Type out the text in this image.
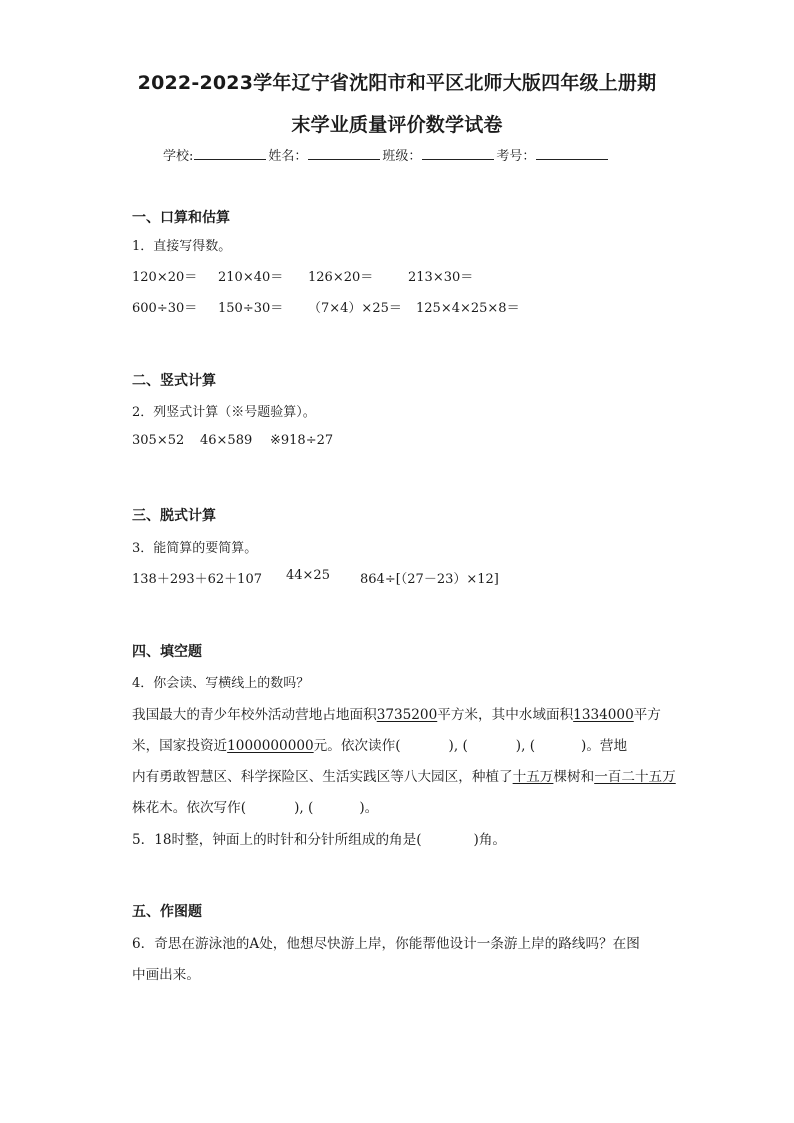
2022-2023学年辽宁省沈阳市和平区北师大版四年级上册期
末学业质量评价数学试卷
学校:	姓名：	班级：	考号：
一、口算和估算
1．直接写得数。
120×20＝ 210×40＝ 126×20＝	213×30＝
600÷30＝ 150÷30＝ （7×4）×25＝ 125×4×25×8＝
二、竖式计算
2．列竖式计算（※号题验算）。
305×52 46×589 ※918÷27
三、脱式计算
3．能简算的要简算。
138＋293＋62＋107 44×25 864÷[（27－23）×12]
四、填空题
4．你会读、写横线上的数吗？
我国最大的青少年校外活动营地占地面积3735200平方米，其中水域面积1334000平方
米，国家投资近1000000000元。依次读作(	), (	), (	)。营地
内有勇敢智慧区、科学探险区、生活实践区等八大园区，种植了十五万棵树和一百二十五万
株花木。依次写作(	), (	)。
5．18时整，钟面上的时针和分针所组成的角是(	)角。
五、作图题
6．奇思在游泳池的A处，他想尽快游上岸，你能帮他设计一条游上岸的路线吗？在图
中画出来。
